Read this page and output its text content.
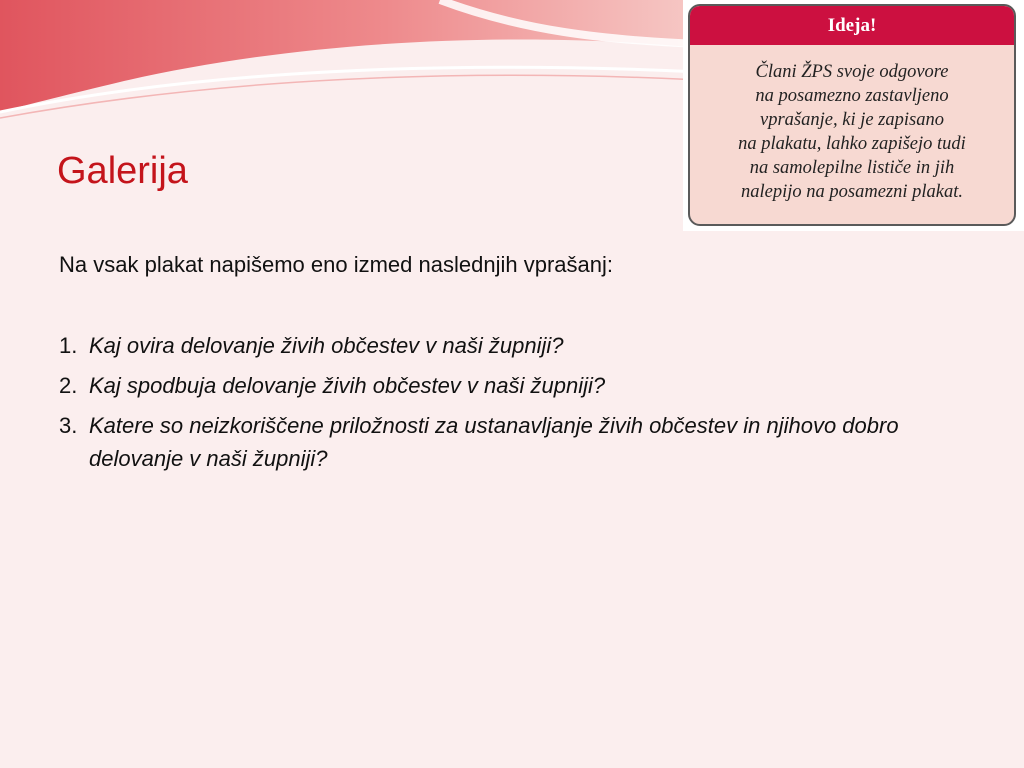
Galerija

Na vsak plakat napišemo eno izmed naslednjih vprašanj:

1. Kaj ovira delovanje živih občestev v naši župniji?

2. Kaj spodbuja delovanje živih občestev v naši župniji?

3. Katere so neizkoriščene priložnosti za ustanavljanje živih občestev in njihovo dobro delovanje v naši župniji?

Ideja!
Člani ŽPS svoje odgovore
na posamezno zastavljeno
vprašanje, ki je zapisano
na plakatu, lahko zapišejo tudi
na samolepilne lističe in jih
nalepijo na posamezni plakat.
